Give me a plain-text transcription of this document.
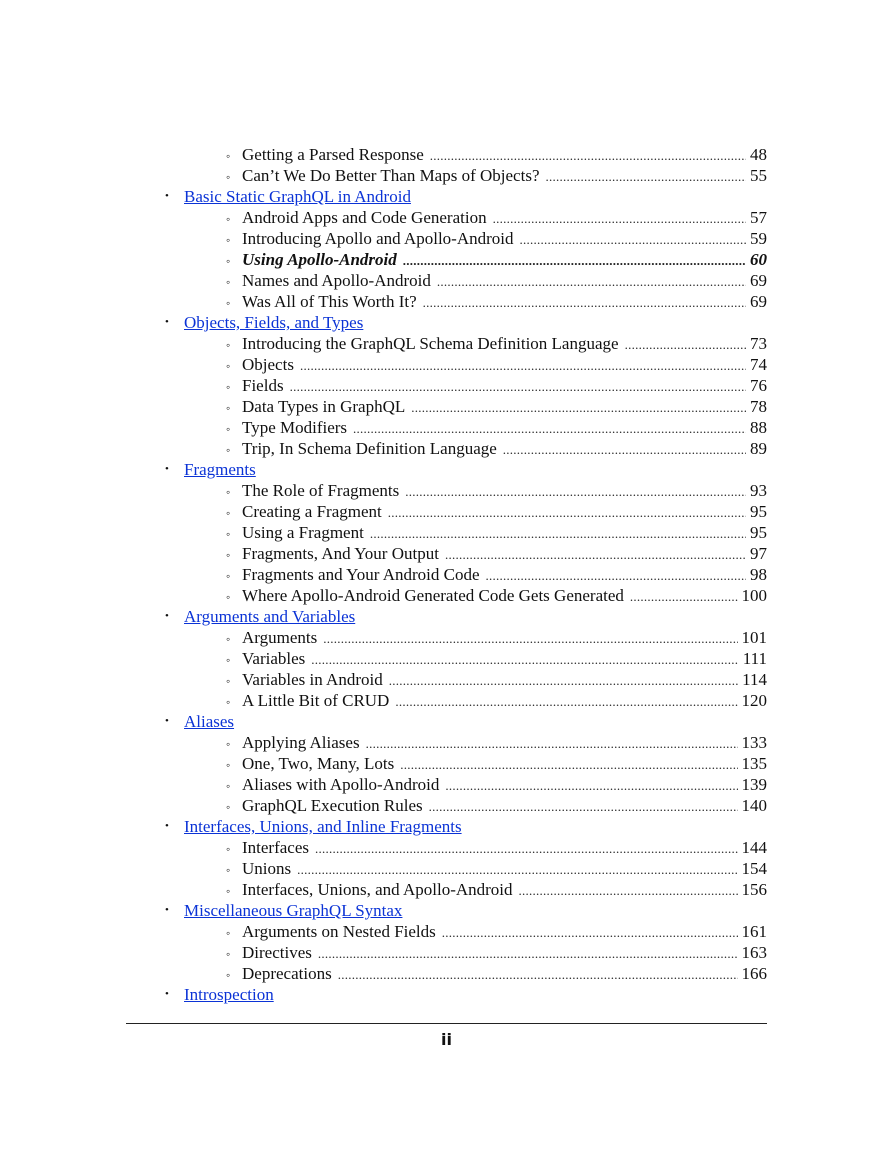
◦ Getting a Parsed Response . . .	48
◦ Can’t We Do Better Than Maps of Objects? . . .	55
• Basic Static GraphQL in Android
◦ Android Apps and Code Generation . . .	57
◦ Introducing Apollo and Apollo-Android . . .	59
◦ Using Apollo-Android . . .	60
◦ Names and Apollo-Android . . .	69
◦ Was All of This Worth It? . . .	69
• Objects, Fields, and Types
◦ Introducing the GraphQL Schema Definition Language . . .	73
◦ Objects . . .	74
◦ Fields . . .	76
◦ Data Types in GraphQL . . .	78
◦ Type Modifiers . . .	88
◦ Trip, In Schema Definition Language . . .	89
• Fragments
◦ The Role of Fragments . . .	93
◦ Creating a Fragment . . .	95
◦ Using a Fragment . . .	95
◦ Fragments, And Your Output . . .	97
◦ Fragments and Your Android Code . . .	98
◦ Where Apollo-Android Generated Code Gets Generated . . .	100
• Arguments and Variables
◦ Arguments . . .	101
◦ Variables . . .	111
◦ Variables in Android . . .	114
◦ A Little Bit of CRUD . . .	120
• Aliases
◦ Applying Aliases . . .	133
◦ One, Two, Many, Lots . . .	135
◦ Aliases with Apollo-Android . . .	139
◦ GraphQL Execution Rules . . .	140
• Interfaces, Unions, and Inline Fragments
◦ Interfaces . . .	144
◦ Unions . . .	154
◦ Interfaces, Unions, and Apollo-Android . . .	156
• Miscellaneous GraphQL Syntax
◦ Arguments on Nested Fields . . .	161
◦ Directives . . .	163
◦ Deprecations . . .	166
• Introspection
ii
